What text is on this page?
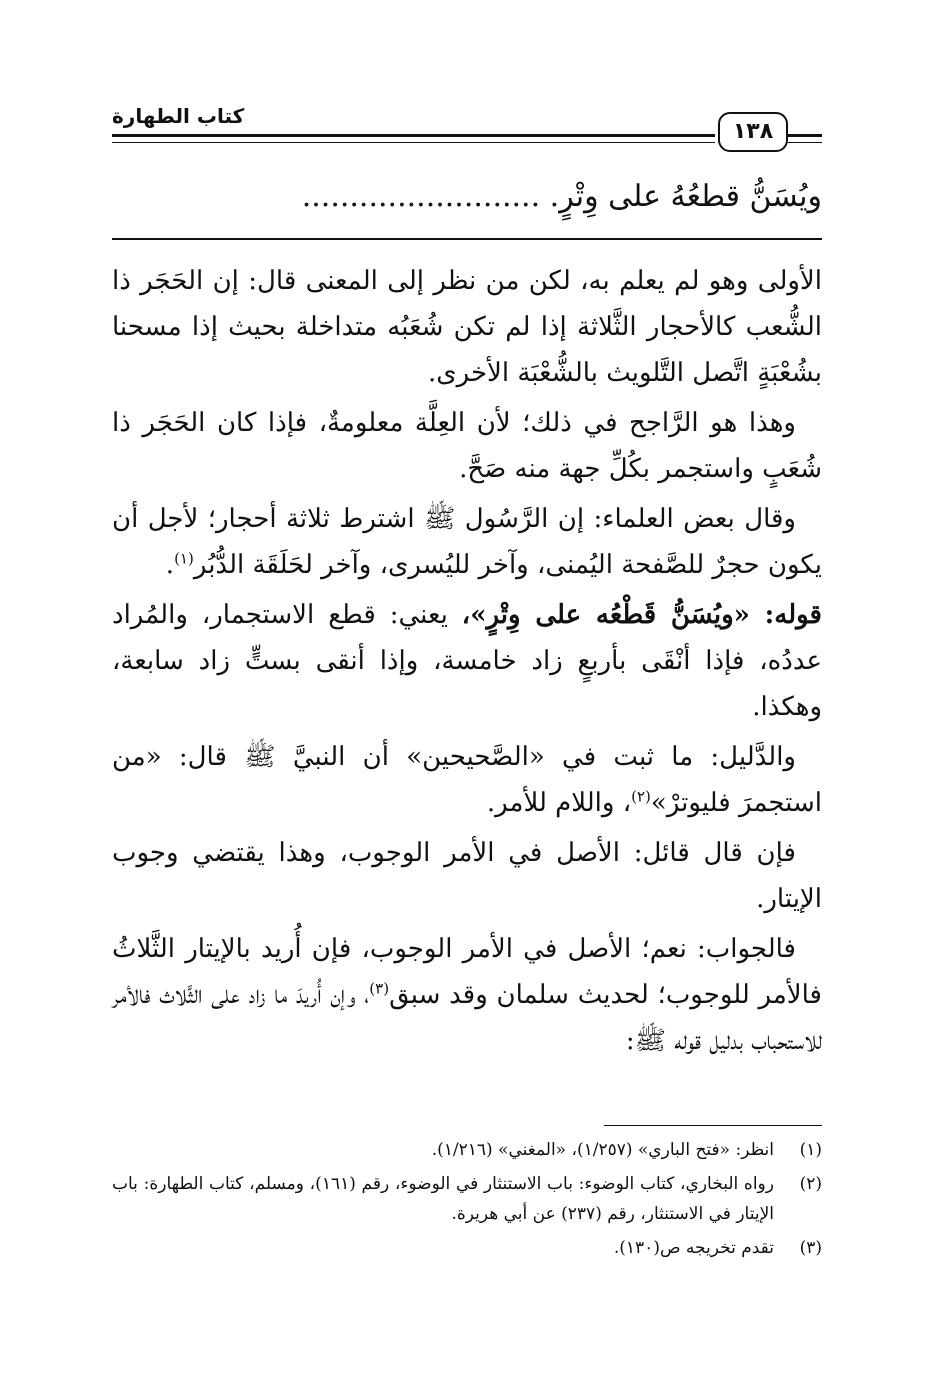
كتاب الطهارة
١٣٨
ويُسَنُّ قطعُهُ على وِتْرٍ. .........................

الأولى وهو لم يعلم به، لكن من نظر إلى المعنى قال: إن الحَجَر ذا الشُّعب كالأحجار الثَّلاثة إذا لم تكن شُعَبُه متداخلة بحيث إذا مسحنا بشُعْبَةٍ اتَّصل التَّلويث بالشُّعْبَة الأخرى.

وهذا هو الرَّاجح في ذلك؛ لأن العِلَّة معلومةٌ، فإذا كان الحَجَر ذا شُعَبٍ واستجمر بكُلِّ جهة منه صَحَّ.

وقال بعض العلماء: إن الرَّسُول ﷺ اشترط ثلاثة أحجار؛ لأجل أن يكون حجرٌ للصَّفحة اليُمنى، وآخر لليُسرى، وآخر لحَلَقَة الدُّبُر$^{(١)}$.

قوله: «ويُسَنُّ قَطْعُه على وِتْرٍ»، يعني: قطع الاستجمار، والمُراد عددُه، فإذا أنْقَى بأربعٍ زاد خامسة، وإذا أنقى بستٍّ زاد سابعة، وهكذا.

والدَّليل: ما ثبت في «الصَّحيحين» أن النبيَّ ﷺ قال: «من استجمرَ فليوترْ»$^{(٢)}$، واللام للأمر.

فإن قال قائل: الأصل في الأمر الوجوب، وهذا يقتضي وجوب الإيتار.

فالجواب: نعم؛ الأصل في الأمر الوجوب، فإن أُريد بالإيتار الثَّلاثُ فالأمر للوجوب؛ لحديث سلمان وقد سبق$^{(٣)}$، وإن أُريدَ ما زاد على الثَّلاث فالأمر للاستحباب بدليل قوله ﷺ:

(١)
انظر: «فتح الباري» (١/٢٥٧)، «المغني» (١/٢١٦).
(٢)
رواه البخاري، كتاب الوضوء: باب الاستنثار في الوضوء، رقم (١٦١)، ومسلم، كتاب الطهارة: باب الإيتار في الاستنثار، رقم (٢٣٧) عن أبي هريرة.
(٣)
تقدم تخريجه ص(١٣٠).
